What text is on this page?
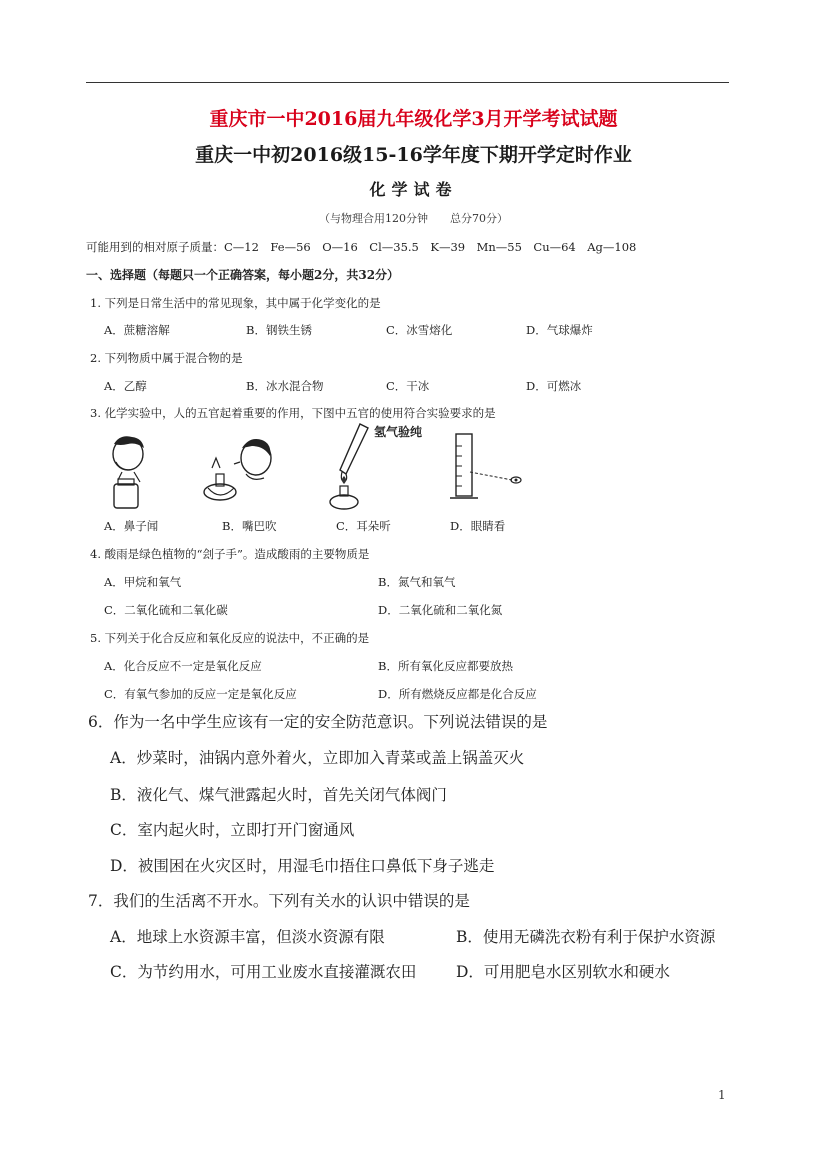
重庆市一中2016届九年级化学3月开学考试试题
重庆一中初2016级15-16学年度下期开学定时作业
化学试卷
（与物理合用120分钟　　总分70分）
可能用到的相对原子质量：C—12　Fe—56　O—16　Cl—35.5　K—39　Mn—55　Cu—64　Ag—108
一、选择题（每题只一个正确答案，每小题2分，共32分）
1. 下列是日常生活中的常见现象，其中属于化学变化的是
A．蔗糖溶解	B．钢铁生锈	C．冰雪熔化	D．气球爆炸
2. 下列物质中属于混合物的是
A．乙醇	B．冰水混合物	C．干冰	D．可燃冰
3. 化学实验中，人的五官起着重要的作用，下图中五官的使用符合实验要求的是
氢气验纯
A．鼻子闻	B．嘴巴吹	C．耳朵听	D．眼睛看
4. 酸雨是绿色植物的“刽子手”。造成酸雨的主要物质是
A．甲烷和氧气	B．氮气和氧气
C．二氧化硫和二氧化碳	D．二氧化硫和二氧化氮
5. 下列关于化合反应和氧化反应的说法中，不正确的是
A．化合反应不一定是氧化反应	B．所有氧化反应都要放热
C．有氧气参加的反应一定是氧化反应	D．所有燃烧反应都是化合反应
6．作为一名中学生应该有一定的安全防范意识。下列说法错误的是
A．炒菜时，油锅内意外着火，立即加入青菜或盖上锅盖灭火
B．液化气、煤气泄露起火时，首先关闭气体阀门
C．室内起火时，立即打开门窗通风
D．被围困在火灾区时，用湿毛巾捂住口鼻低下身子逃走
7．我们的生活离不开水。下列有关水的认识中错误的是
A．地球上水资源丰富，但淡水资源有限	B．使用无磷洗衣粉有利于保护水资源
C．为节约用水，可用工业废水直接灌溉农田	D．可用肥皂水区别软水和硬水
1
